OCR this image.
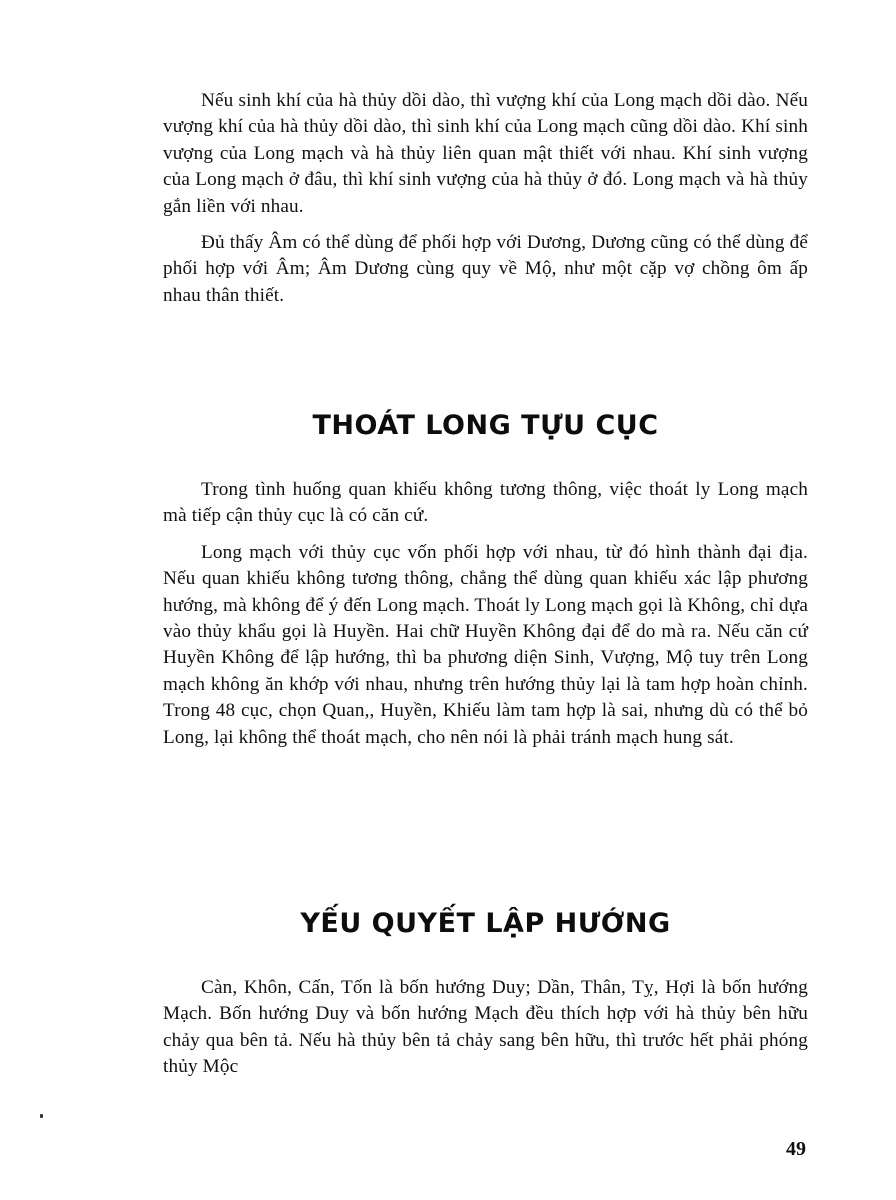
Nếu sinh khí của hà thủy dồi dào, thì vượng khí của Long mạch dồi dào. Nếu vượng khí của hà thủy dồi dào, thì sinh khí của Long mạch cũng dồi dào. Khí sinh vượng của Long mạch và hà thủy liên quan mật thiết với nhau. Khí sinh vượng của Long mạch ở đâu, thì khí sinh vượng của hà thủy ở đó. Long mạch và hà thủy gắn liền với nhau.

Đủ thấy Âm có thể dùng để phối hợp với Dương, Dương cũng có thể dùng để phối hợp với Âm; Âm Dương cùng quy về Mộ, như một cặp vợ chồng ôm ấp nhau thân thiết.

THOÁT LONG TỰU CỤC

Trong tình huống quan khiếu không tương thông, việc thoát ly Long mạch mà tiếp cận thủy cục là có căn cứ.

Long mạch với thủy cục vốn phối hợp với nhau, từ đó hình thành đại địa. Nếu quan khiếu không tương thông, chẳng thể dùng quan khiếu xác lập phương hướng, mà không để ý đến Long mạch. Thoát ly Long mạch gọi là Không, chỉ dựa vào thủy khẩu gọi là Huyền. Hai chữ Huyền Không đại để do mà ra. Nếu căn cứ Huyền Không để lập hướng, thì ba phương diện Sinh, Vượng, Mộ tuy trên Long mạch không ăn khớp với nhau, nhưng trên hướng thủy lại là tam hợp hoàn chỉnh. Trong 48 cục, chọn Quan,, Huyền, Khiếu làm tam hợp là sai, nhưng dù có thể bỏ Long, lại không thể thoát mạch, cho nên nói là phải tránh mạch hung sát.

YẾU QUYẾT LẬP HƯỚNG

Càn, Khôn, Cấn, Tốn là bốn hướng Duy; Dần, Thân, Tỵ, Hợi là bốn hướng Mạch. Bốn hướng Duy và bốn hướng Mạch đều thích hợp với hà thủy bên hữu chảy qua bên tả. Nếu hà thủy bên tả chảy sang bên hữu, thì trước hết phải phóng thủy Mộc

49
